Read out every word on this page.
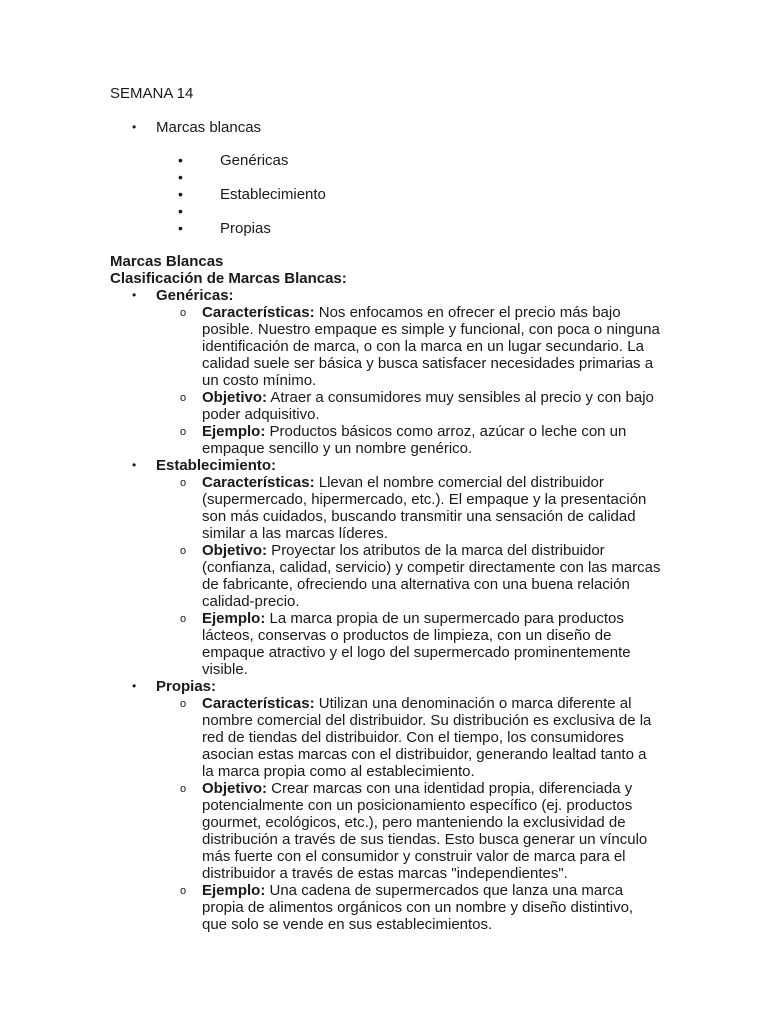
SEMANA 14
• Marcas blancas
• Genéricas
•
• Establecimiento
•
• Propias

Marcas Blancas

Clasificación de Marcas Blancas:

• Genéricas:
o Características: Nos enfocamos en ofrecer el precio más bajo posible. Nuestro empaque es simple y funcional, con poca o ninguna identificación de marca, o con la marca en un lugar secundario. La calidad suele ser básica y busca satisfacer necesidades primarias a un costo mínimo.
o Objetivo: Atraer a consumidores muy sensibles al precio y con bajo poder adquisitivo.
o Ejemplo: Productos básicos como arroz, azúcar o leche con un empaque sencillo y un nombre genérico.
• Establecimiento:
o Características: Llevan el nombre comercial del distribuidor (supermercado, hipermercado, etc.). El empaque y la presentación son más cuidados, buscando transmitir una sensación de calidad similar a las marcas líderes.
o Objetivo: Proyectar los atributos de la marca del distribuidor (confianza, calidad, servicio) y competir directamente con las marcas de fabricante, ofreciendo una alternativa con una buena relación calidad-precio.
o Ejemplo: La marca propia de un supermercado para productos lácteos, conservas o productos de limpieza, con un diseño de empaque atractivo y el logo del supermercado prominentemente visible.
• Propias:
o Características: Utilizan una denominación o marca diferente al nombre comercial del distribuidor. Su distribución es exclusiva de la red de tiendas del distribuidor. Con el tiempo, los consumidores asocian estas marcas con el distribuidor, generando lealtad tanto a la marca propia como al establecimiento.
o Objetivo: Crear marcas con una identidad propia, diferenciada y potencialmente con un posicionamiento específico (ej. productos gourmet, ecológicos, etc.), pero manteniendo la exclusividad de distribución a través de sus tiendas. Esto busca generar un vínculo más fuerte con el consumidor y construir valor de marca para el distribuidor a través de estas marcas "independientes".
o Ejemplo: Una cadena de supermercados que lanza una marca propia de alimentos orgánicos con un nombre y diseño distintivo, que solo se vende en sus establecimientos.
